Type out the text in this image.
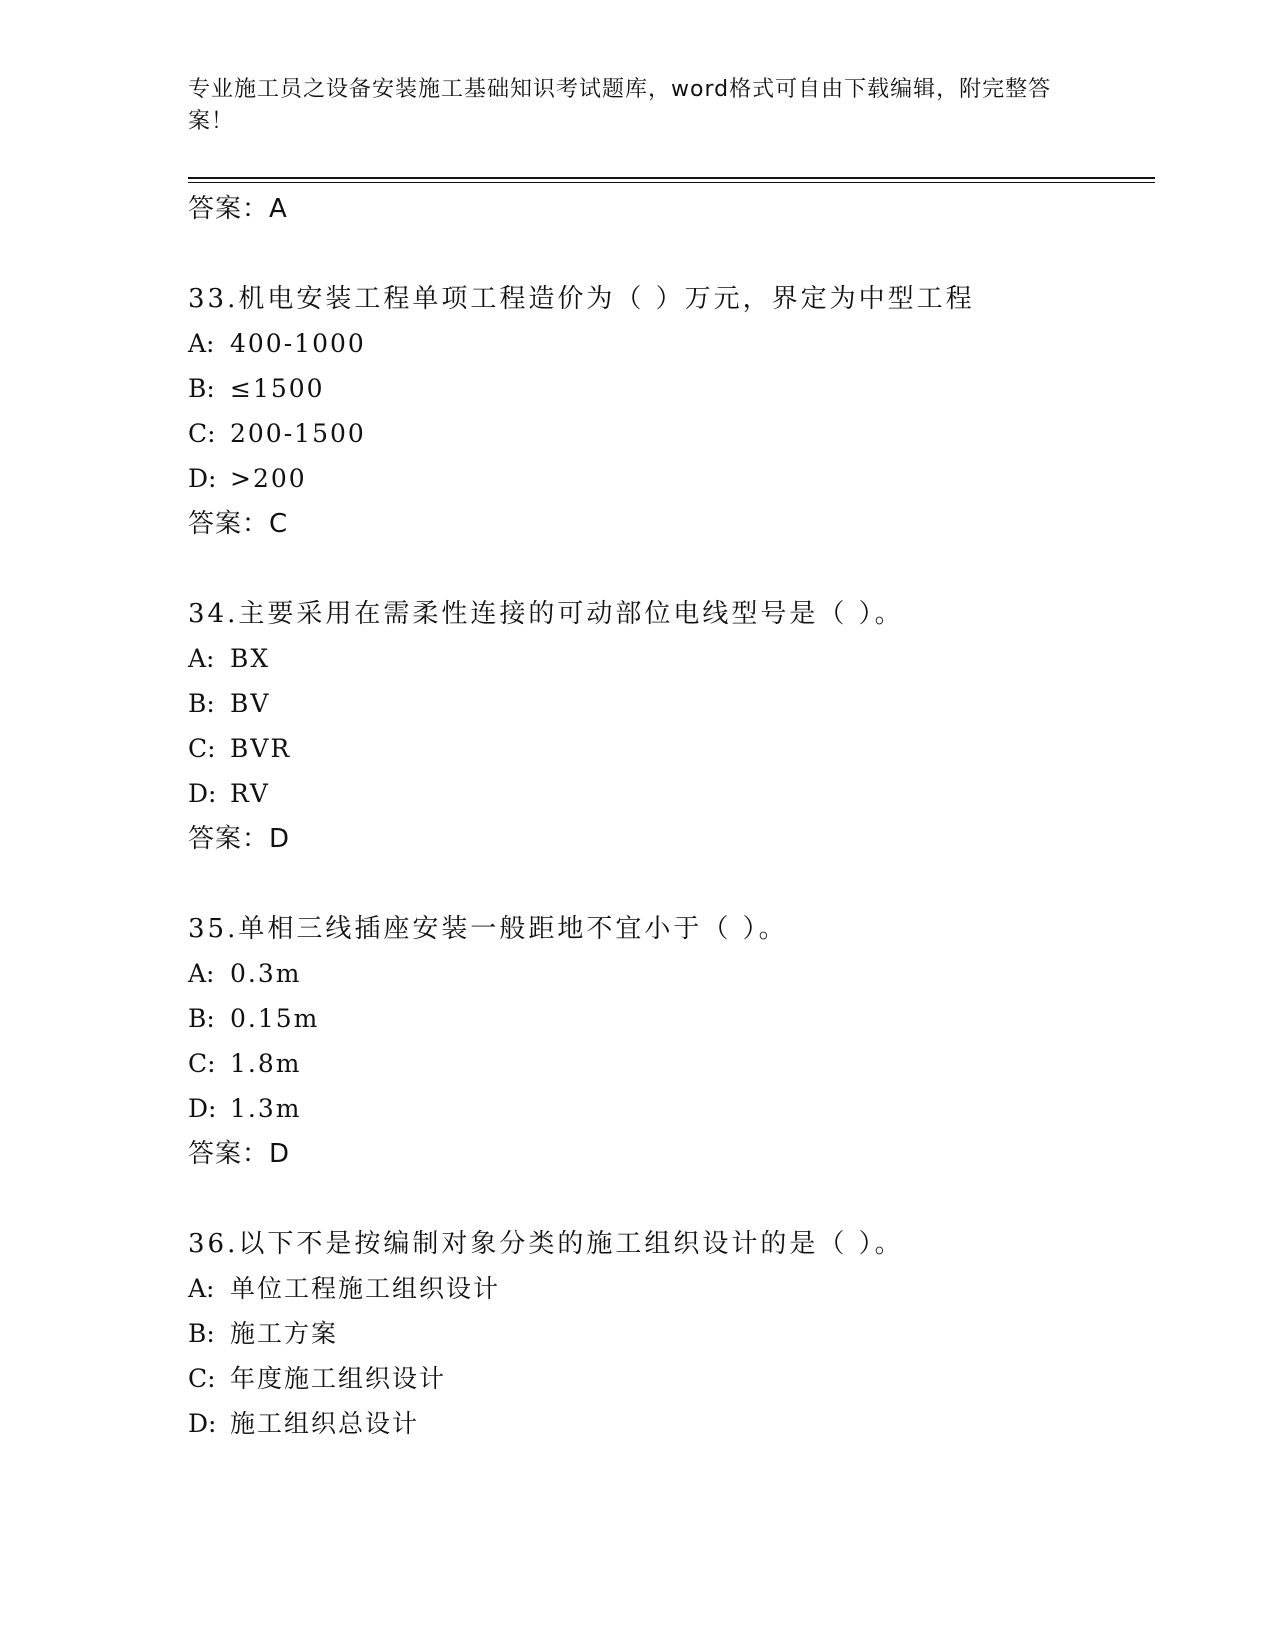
专业施工员之设备安装施工基础知识考试题库，word格式可自由下载编辑，附完整答案！
答案：A
33.机电安装工程单项工程造价为（ ）万元，界定为中型工程
A: 400-1000
B: ≤1500
C: 200-1500
D: >200
答案：C
34.主要采用在需柔性连接的可动部位电线型号是（ ）。
A: BX
B: BV
C: BVR
D: RV
答案：D
35.单相三线插座安装一般距地不宜小于（ ）。
A: 0.3m
B: 0.15m
C: 1.8m
D: 1.3m
答案：D
36.以下不是按编制对象分类的施工组织设计的是（ ）。
A: 单位工程施工组织设计
B: 施工方案
C: 年度施工组织设计
D: 施工组织总设计
